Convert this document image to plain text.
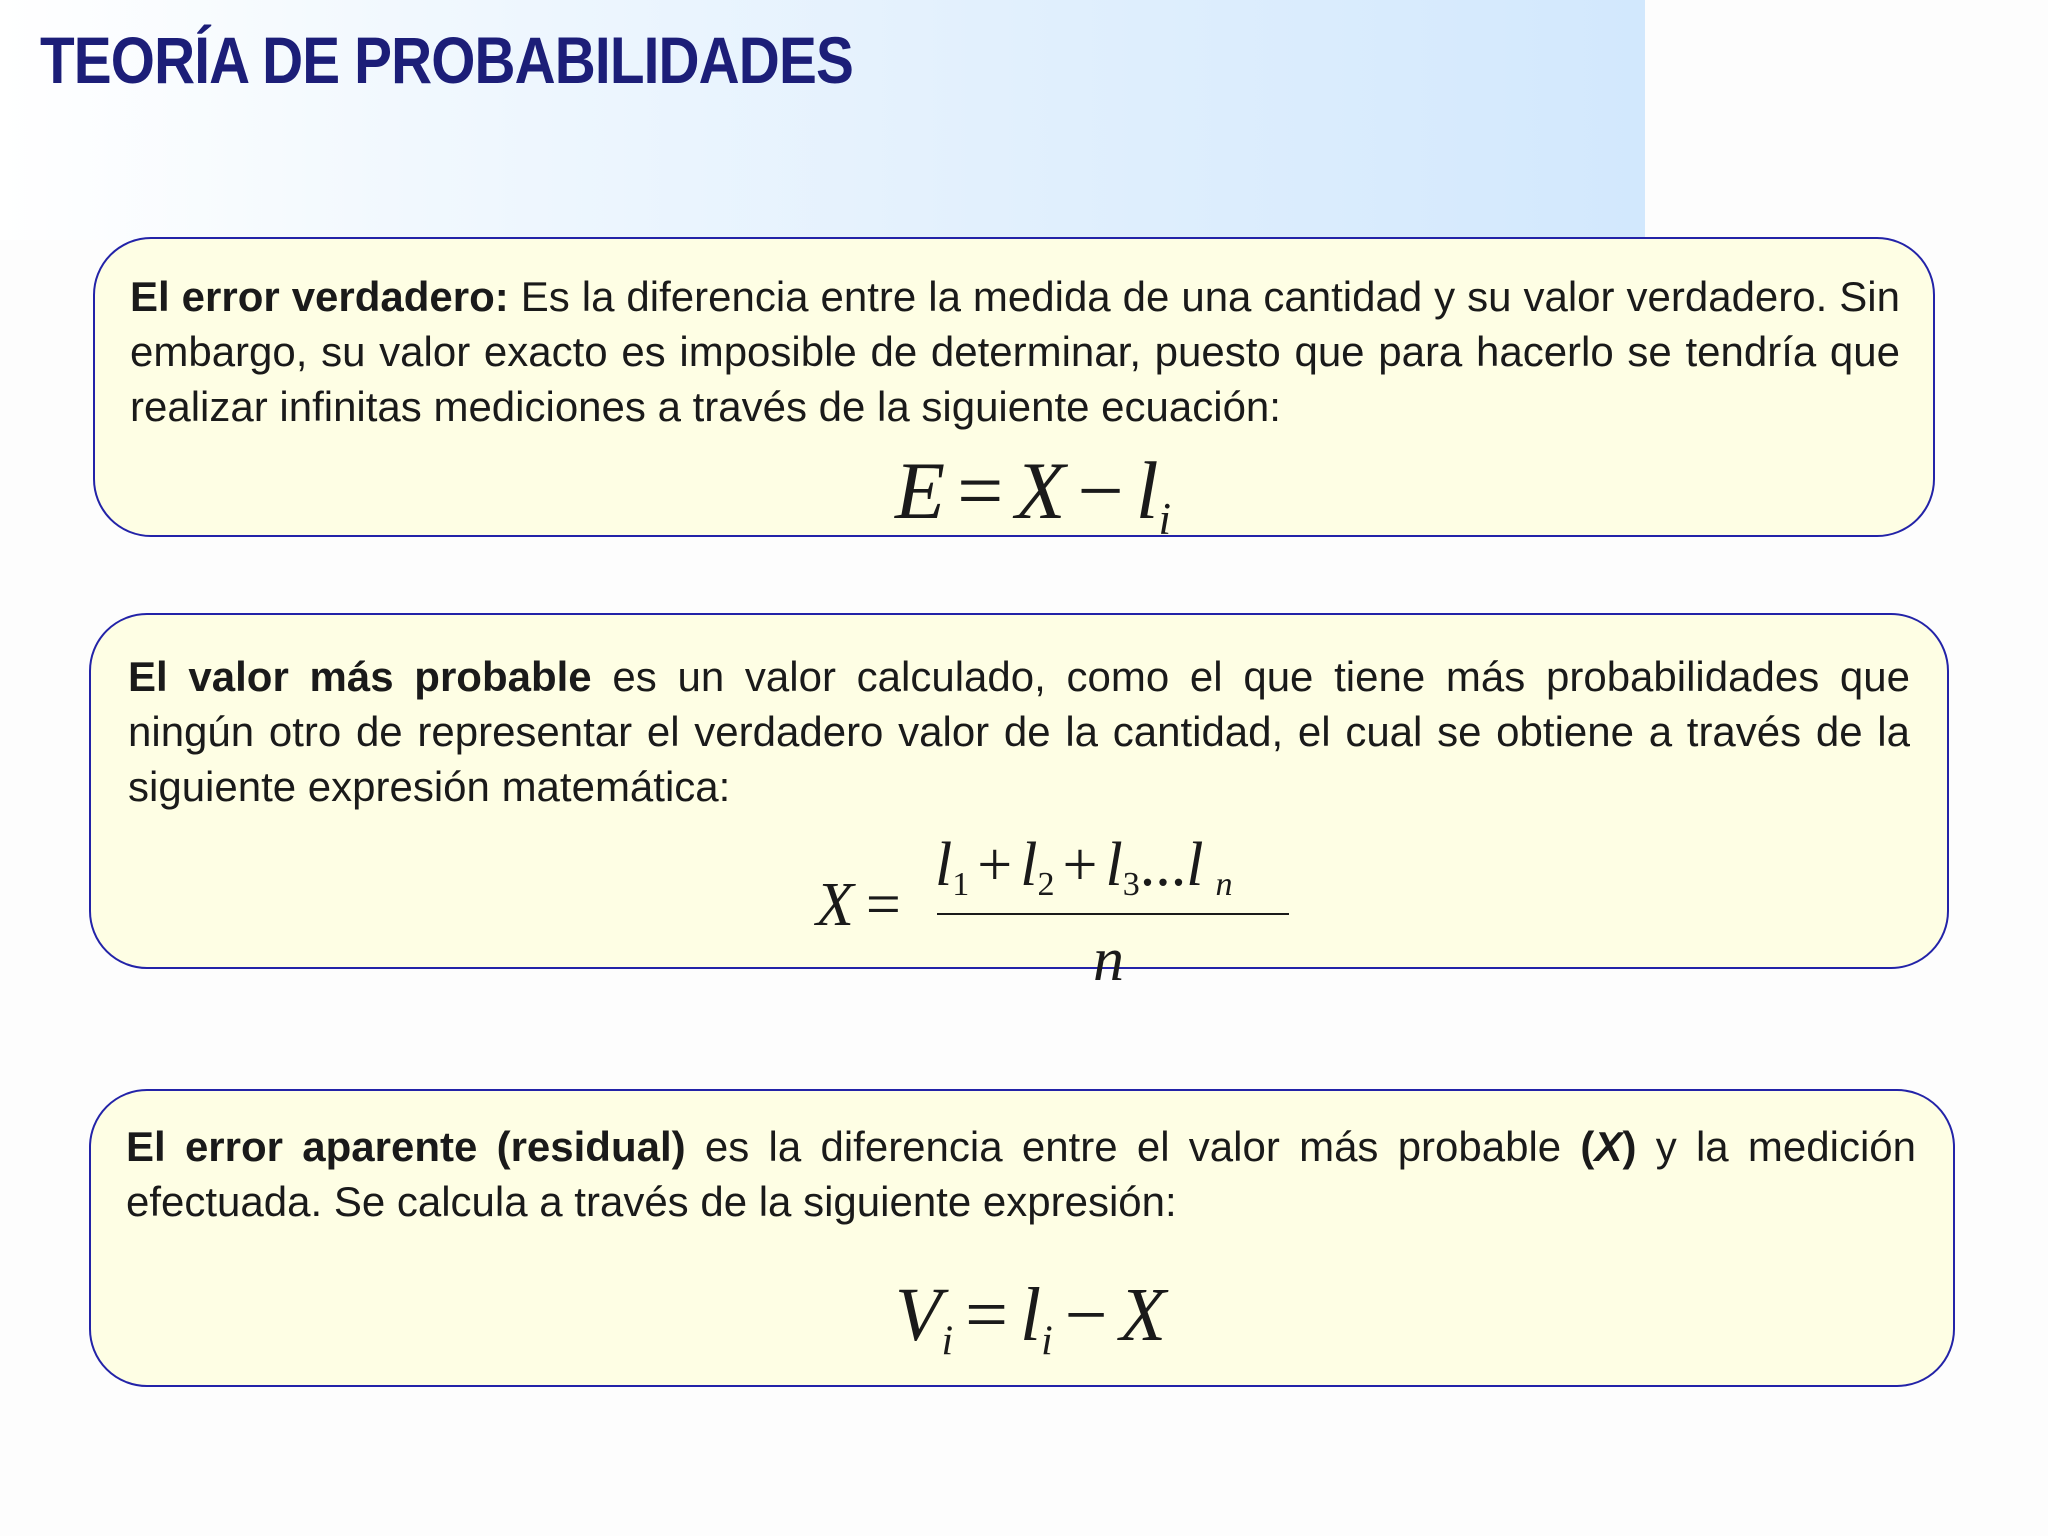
TEORÍA DE PROBABILIDADES

El error verdadero: Es la diferencia entre la medida de una cantidad y su valor verdadero. Sin embargo, su valor exacto es imposible de determinar, puesto que para hacerlo se tendría que realizar infinitas mediciones a través de la siguiente ecuación:

$E = X - l_i$

El valor más probable es un valor calculado, como el que tiene más probabilidades que ningún otro de representar el verdadero valor de la cantidad, el cual se obtiene a través de la siguiente expresión matemática:

X =
$l_1 + l_2 + l_3...l$ $_n$
n

El error aparente (residual) es la diferencia entre el valor más probable (X) y la medición efectuada. Se calcula a través de la siguiente expresión:

$V_i = l_i - X$
